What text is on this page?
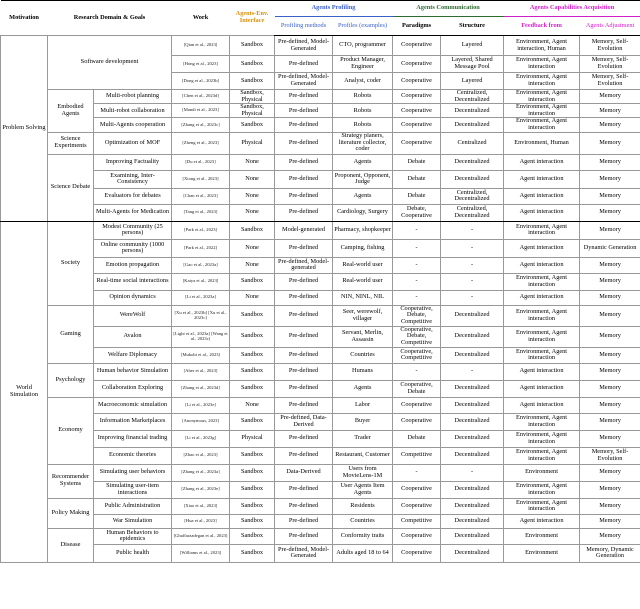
Motivation	Research Domain & Goals		Work	Agents-Env. Interface	Agents Profiling		Agents Communication		Agents Capabilities Acquisition	
					Profiling methods	Profiles (examples)	Paradigms	Structure	Feedback from	Agents Adjustment
Problem Solving	Software development		[Qian et al., 2023]	Sandbox	Pre-defined, Model-Generated	CTO, programmer	Cooperative	Layered	Environment, Agent interaction, Human	Memory, Self-Evolution
			[Hong et al., 2023]	Sandbox	Pre-defined	Product Manager, Engineer	Cooperative	Layered, Shared Message Pool	Environment, Agent interaction	Memory, Self-Evolution
			[Dong et al., 2023b]	Sandbox	Pre-defined, Model-Generated	Analyst, coder	Cooperative	Layered	Environment, Agent interaction	Memory, Self-Evolution
	Embodied Agents	Multi-robot planning	[Chen et al., 2023d]	Sandbox, Physical	Pre-defined	Robots	Cooperative	Centralized, Decentralized	Environment, Agent interaction	Memory
		Multi-robot collaboration	[Mandi et al., 2023]	Sandbox, Physical	Pre-defined	Robots	Cooperative	Decentralized	Environment, Agent interaction	Memory
		Multi-Agents cooperation	[Zhang et al., 2023c]	Sandbox	Pre-defined	Robots	Cooperative	Decentralized	Environment, Agent interaction	Memory
	Science Experiments	Optimization of MOF	[Zheng et al., 2023]	Physical	Pre-defined	Strategy planers, literature collector, coder	Cooperative	Centralized	Environment, Human	Memory
	Science Debate	Improving Factuality	[Du et al., 2023]	None	Pre-defined	Agents	Debate	Decentralized	Agent interaction	Memory
		Examining, Inter-Consistency	[Xiong et al., 2023]	None	Pre-defined	Proponent, Opponent, Judge	Debate	Decentralized	Agent interaction	Memory
		Evaluators for debates	[Chan et al., 2023]	None	Pre-defined	Agents	Debate	Centralized, Decentralized	Agent interaction	Memory
		Multi-Agents for Medication	[Tang et al., 2023]	None	Pre-defined	Cardiology, Surgery	Debate, Cooperative	Centralized, Decentralized	Agent interaction	Memory
World Simulation	Society	Modest Community (25 persons)	[Park et al., 2023]	Sandbox	Model-generated	Pharmacy, shopkeeper	-	-	Environment, Agent interaction	Memory
		Online community (1000 persons)	[Park et al., 2022]	None	Pre-defined	Camping, fishing	-	-	Agent interaction	Dynamic Generation
		Emotion propagation	[Gao et al., 2023a]	None	Pre-defined, Model-generated	Real-world user	-	-	Agent interaction	Memory
		Real-time social interactions	[Kaiya et al., 2023]	Sandbox	Pre-defined	Real-world user	-	-	Environment, Agent interaction	Memory
		Opinion dynamics	[Li et al., 2023a]	None	Pre-defined	NIN, NINL, NIL	-	-	Agent interaction	Memory
	Gaming	WereWolf	[Xu et al., 2023b] [Xu et al., 2023c]	Sandbox	Pre-defined	Seer, werewolf, villager	Cooperative, Debate, Competitive	Decentralized	Environment, Agent interaction	Memory
		Avalon	[Light et al., 2023a] [Wang et al., 2023c]	Sandbox	Pre-defined	Servant, Merlin, Assassin	Cooperative, Debate, Competitive	Decentralized	Environment, Agent interaction	Memory
		Welfare Diplomacy	[Mukobi et al., 2023]	Sandbox	Pre-defined	Countries	Cooperative, Competitive	Decentralized	Environment, Agent interaction	Memory
	Psychology	Human behavior Simulation	[Aher et al., 2023]	Sandbox	Pre-defined	Humans	-	-	Agent interaction	Memory
		Collaboration Exploring	[Zhang et al., 2023d]	Sandbox	Pre-defined	Agents	Cooperative, Debate	Decentralized	Agent interaction	Memory
	Economy	Macroeconomic simulation	[Li et al., 2023e]	None	Pre-defined	Labor	Cooperative	Decentralized	Agent interaction	Memory
		Information Marketplaces	[Anonymous, 2023]	Sandbox	Pre-defined, Data-Derived	Buyer	Cooperative	Decentralized	Environment, Agent interaction	Memory
		Improving financial trading	[Li et al., 2023g]	Physical	Pre-defined	Trader	Debate	Decentralized	Environment, Agent interaction	Memory
		Economic theories	[Zhao et al., 2023]	Sandbox	Pre-defined	Restaurant, Customer	Competitive	Decentralized	Environment, Agent interaction	Memory, Self-Evolution
	Recommender Systems	Simulating user behaviors	[Zhang et al., 2023a]	Sandbox	Data-Derived	Users from MovieLens-1M	-	-	Environment	Memory
		Simulating user-item interactions	[Zhang et al., 2023e]	Sandbox	Pre-defined	User Agents Item Agents	Cooperative	Decentralized	Environment, Agent interaction	Memory
	Policy Making	Public Administration	[Xiao et al., 2023]	Sandbox	Pre-defined	Residents	Cooperative	Decentralized	Environment, Agent interaction	Memory
		War Simulation	[Hua et al., 2023]	Sandbox	Pre-defined	Countries	Competitive	Decentralized	Agent interaction	Memory
	Disease	Human Behaviors to epidemics	[Ghaffarzadegan et al., 2023]	Sandbox	Pre-defined	Conformity traits	Cooperative	Decentralized	Environment	Memory
		Public health	[Williams et al., 2023]	Sandbox	Pre-defined, Model-Generated	Adults aged 18 to 64	Cooperative	Decentralized	Environment	Memory, Dynamic Generation
